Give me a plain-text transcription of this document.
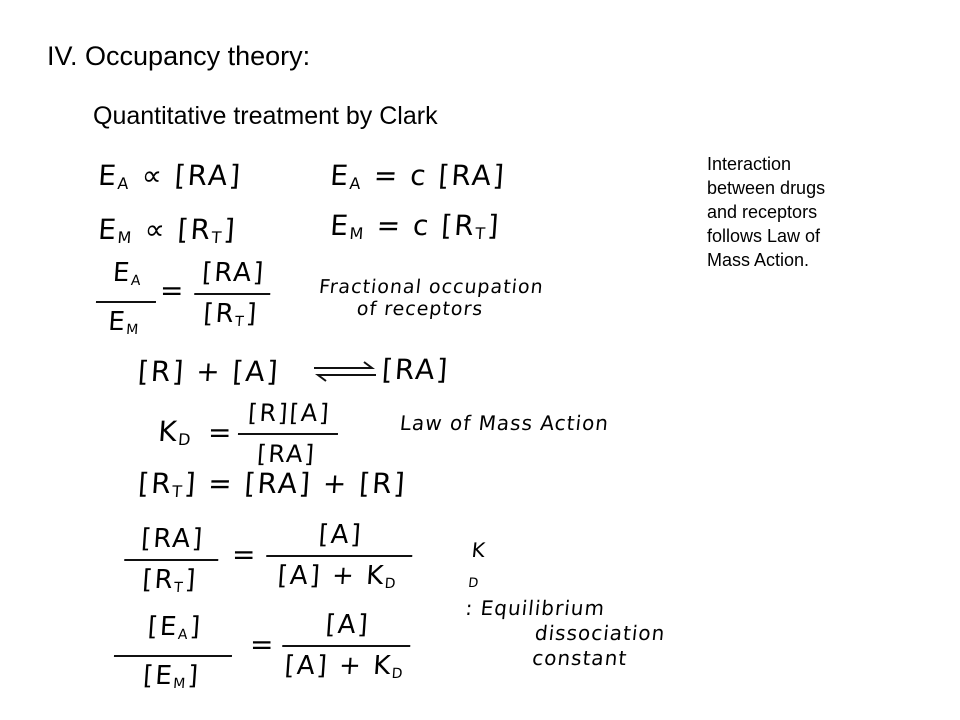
IV. Occupancy theory:
Quantitative treatment by Clark
Interaction
between drugs
and receptors
follows Law of
Mass Action.
$E_A \propto [RA]$	$E_A = c$ [RA]
$E_M \propto [R_T]$	$E_M = c$ $[R_T]$
$E_A$
$E_M$
=
[RA]
$[R_T]$
Fractional occupation
of receptors
[R] + [A]	[RA]
$K_D$ =
[R][A]
[RA]
Law of Mass Action
$[R_T] = [RA] + [R]$
[RA]
$[R_T]$
=
[A]
$[A] + K_D$
K
$_D$
: Equilibrium
dissociation
constant
$[E_A]$
$[E_M]$
=
[A]
$[A] + K_D$
